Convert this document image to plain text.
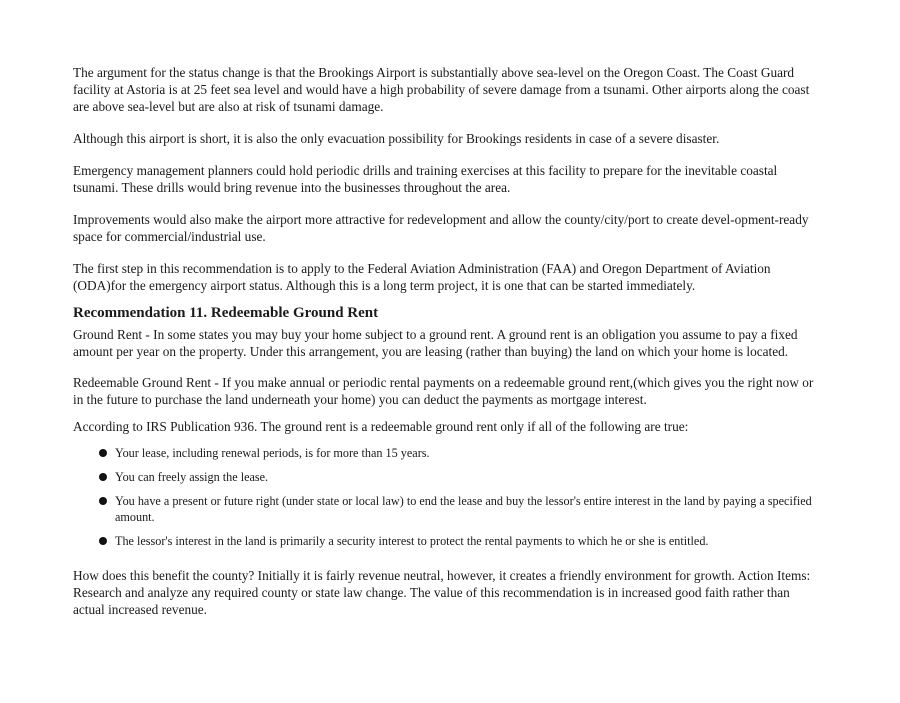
The argument for the status change is that the Brookings Airport is substantially above sea-level on the Oregon Coast. The Coast Guard facility at Astoria is at 25 feet sea level and would have a high probability of severe damage from a tsunami. Other airports along the coast are above sea-level but are also at risk of tsunami damage.

Although this airport is short, it is also the only evacuation possibility for Brookings residents in case of a severe disaster.

Emergency management planners could hold periodic drills and training exercises at this facility to prepare for the inevitable coastal tsunami. These drills would bring revenue into the businesses throughout the area.

Improvements would also make the airport more attractive for redevelopment and allow the county/city/port to create devel-opment-ready space for commercial/industrial use.

The first step in this recommendation is to apply to the Federal Aviation Administration (FAA) and Oregon Department of Aviation (ODA)for the emergency airport status. Although this is a long term project, it is one that can be started immediately.

Recommendation 11. Redeemable Ground Rent

Ground Rent - In some states you may buy your home subject to a ground rent. A ground rent is an obligation you assume to pay a fixed amount per year on the property. Under this arrangement, you are leasing (rather than buying) the land on which your home is located.

Redeemable Ground Rent - If you make annual or periodic rental payments on a redeemable ground rent,(which gives you the right now or in the future to purchase the land underneath your home) you can deduct the payments as mortgage interest.

According to IRS Publication 936. The ground rent is a redeemable ground rent only if all of the following are true:

Your lease, including renewal periods, is for more than 15 years.
You can freely assign the lease.
You have a present or future right (under state or local law) to end the lease and buy the lessor's entire interest in the land by paying a specified amount.
The lessor's interest in the land is primarily a security interest to protect the rental payments to which he or she is entitled.

How does this benefit the county? Initially it is fairly revenue neutral, however, it creates a friendly environment for growth. Action Items: Research and analyze any required county or state law change. The value of this recommendation is in increased good faith rather than actual increased revenue.
